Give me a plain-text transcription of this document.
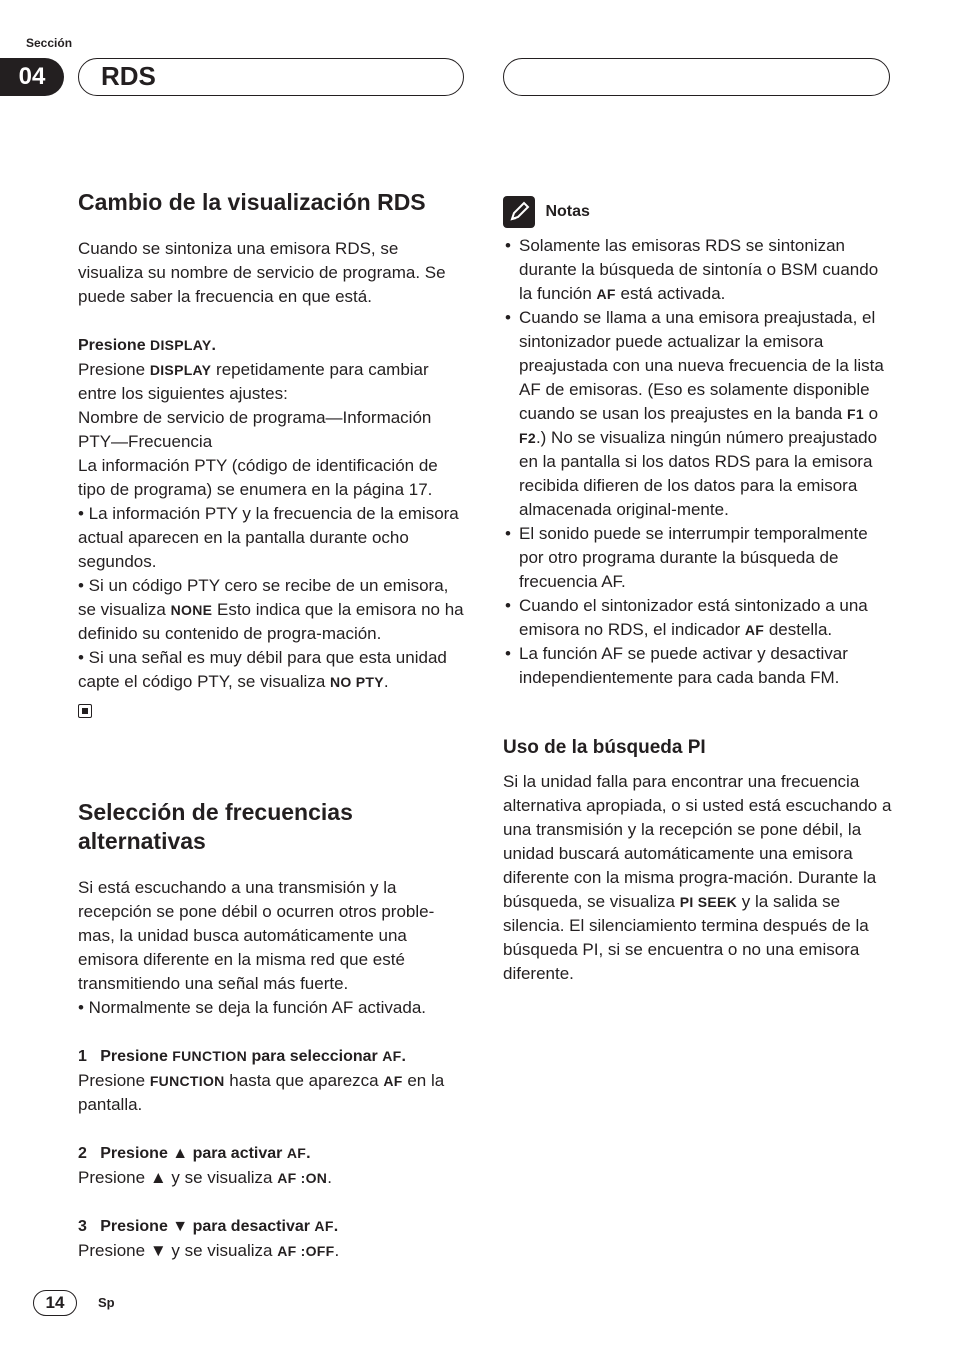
Sección
04	RDS
Cambio de la visualización RDS

Cuando se sintoniza una emisora RDS, se visualiza su nombre de servicio de programa. Se puede saber la frecuencia en que está.

Presione DISPLAY.

Presione DISPLAY repetidamente para cambiar entre los siguientes ajustes:

Nombre de servicio de programa—Información PTY—Frecuencia

La información PTY (código de identificación de tipo de programa) se enumera en la página 17.

• La información PTY y la frecuencia de la emisora actual aparecen en la pantalla durante ocho segundos.

• Si un código PTY cero se recibe de un emisora, se visualiza NONE Esto indica que la emisora no ha definido su contenido de progra-mación.

• Si una señal es muy débil para que esta unidad capte el código PTY, se visualiza NO PTY.

Selección de frecuencias alternativas

Si está escuchando a una transmisión y la recepción se pone débil o ocurren otros proble-mas, la unidad busca automáticamente una emisora diferente en la misma red que esté transmitiendo una señal más fuerte.

• Normalmente se deja la función AF activada.

1 Presione FUNCTION para seleccionar AF.

Presione FUNCTION hasta que aparezca AF en la pantalla.

2 Presione ▲ para activar AF.

Presione ▲ y se visualiza AF :ON.

3 Presione ▼ para desactivar AF.

Presione ▼ y se visualiza AF :OFF.

Notas

• Solamente las emisoras RDS se sintonizan durante la búsqueda de sintonía o BSM cuando la función AF está activada.
• Cuando se llama a una emisora preajustada, el sintonizador puede actualizar la emisora preajustada con una nueva frecuencia de la lista AF de emisoras. (Eso es solamente disponible cuando se usan los preajustes en la banda F1 o F2.) No se visualiza ningún número preajustado en la pantalla si los datos RDS para la emisora recibida difieren de los datos para la emisora almacenada original-mente.
• El sonido puede se interrumpir temporalmente por otro programa durante la búsqueda de frecuencia AF.
• Cuando el sintonizador está sintonizado a una emisora no RDS, el indicador AF destella.
• La función AF se puede activar y desactivar independientemente para cada banda FM.
Uso de la búsqueda PI

Si la unidad falla para encontrar una frecuencia alternativa apropiada, o si usted está escuchando a una transmisión y la recepción se pone débil, la unidad buscará automáticamente una emisora diferente con la misma progra-mación. Durante la búsqueda, se visualiza PI SEEK y la salida se silencia. El silenciamiento termina después de la búsqueda PI, si se encuentra o no una emisora diferente.

14	Sp
